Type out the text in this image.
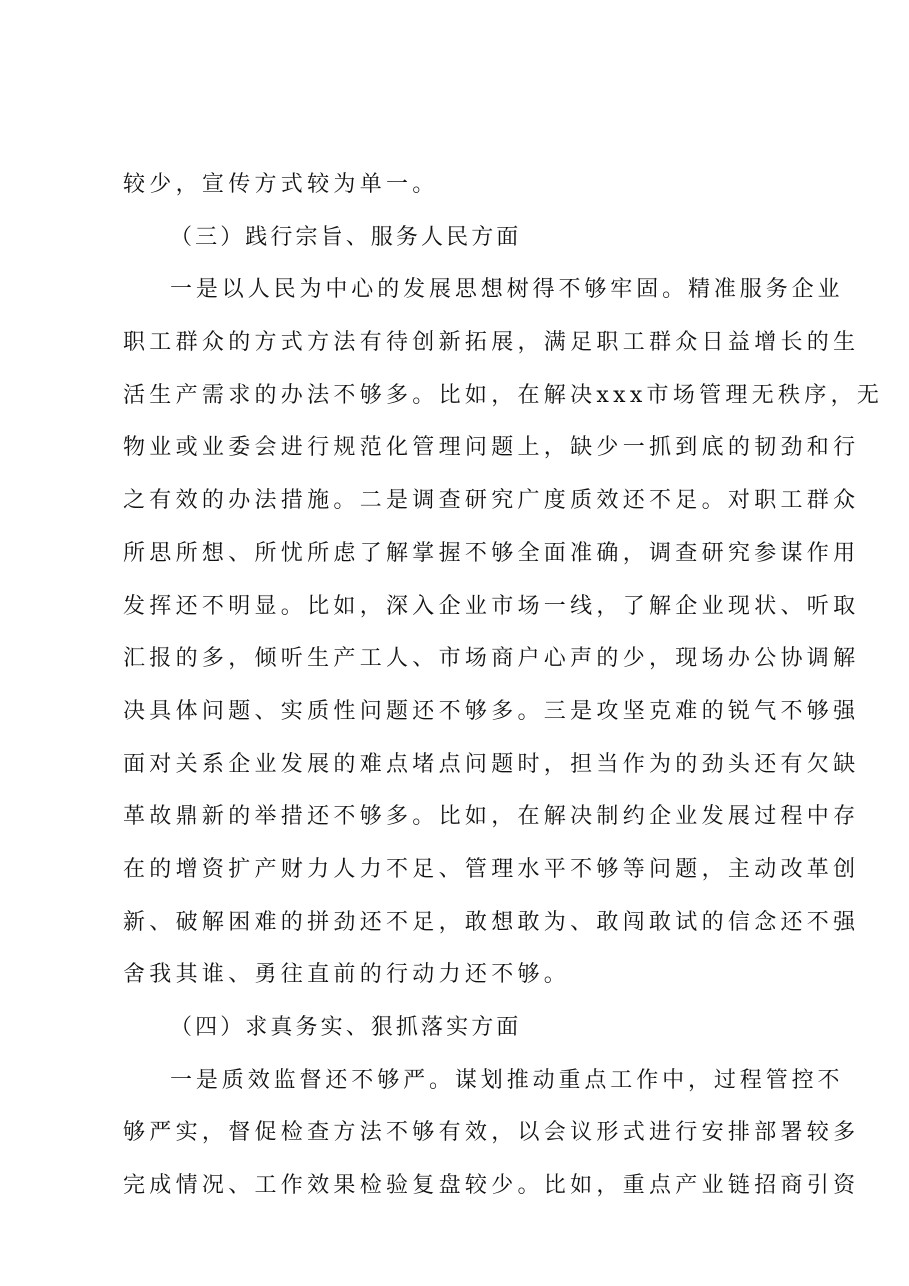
较少，宣传方式较为单一。
（三）践行宗旨、服务人民方面
一是以人民为中心的发展思想树得不够牢固。精准服务企业
职工群众的方式方法有待创新拓展，满足职工群众日益增长的生
活生产需求的办法不够多。比如，在解决xxx市场管理无秩序，无
物业或业委会进行规范化管理问题上，缺少一抓到底的韧劲和行
之有效的办法措施。二是调查研究广度质效还不足。对职工群众
所思所想、所忧所虑了解掌握不够全面准确，调查研究参谋作用
发挥还不明显。比如，深入企业市场一线，了解企业现状、听取
汇报的多，倾听生产工人、市场商户心声的少，现场办公协调解
决具体问题、实质性问题还不够多。三是攻坚克难的锐气不够强
面对关系企业发展的难点堵点问题时，担当作为的劲头还有欠缺
革故鼎新的举措还不够多。比如，在解决制约企业发展过程中存
在的增资扩产财力人力不足、管理水平不够等问题，主动改革创
新、破解困难的拼劲还不足，敢想敢为、敢闯敢试的信念还不强
舍我其谁、勇往直前的行动力还不够。
（四）求真务实、狠抓落实方面
一是质效监督还不够严。谋划推动重点工作中，过程管控不
够严实，督促检查方法不够有效，以会议形式进行安排部署较多
完成情况、工作效果检验复盘较少。比如，重点产业链招商引资
